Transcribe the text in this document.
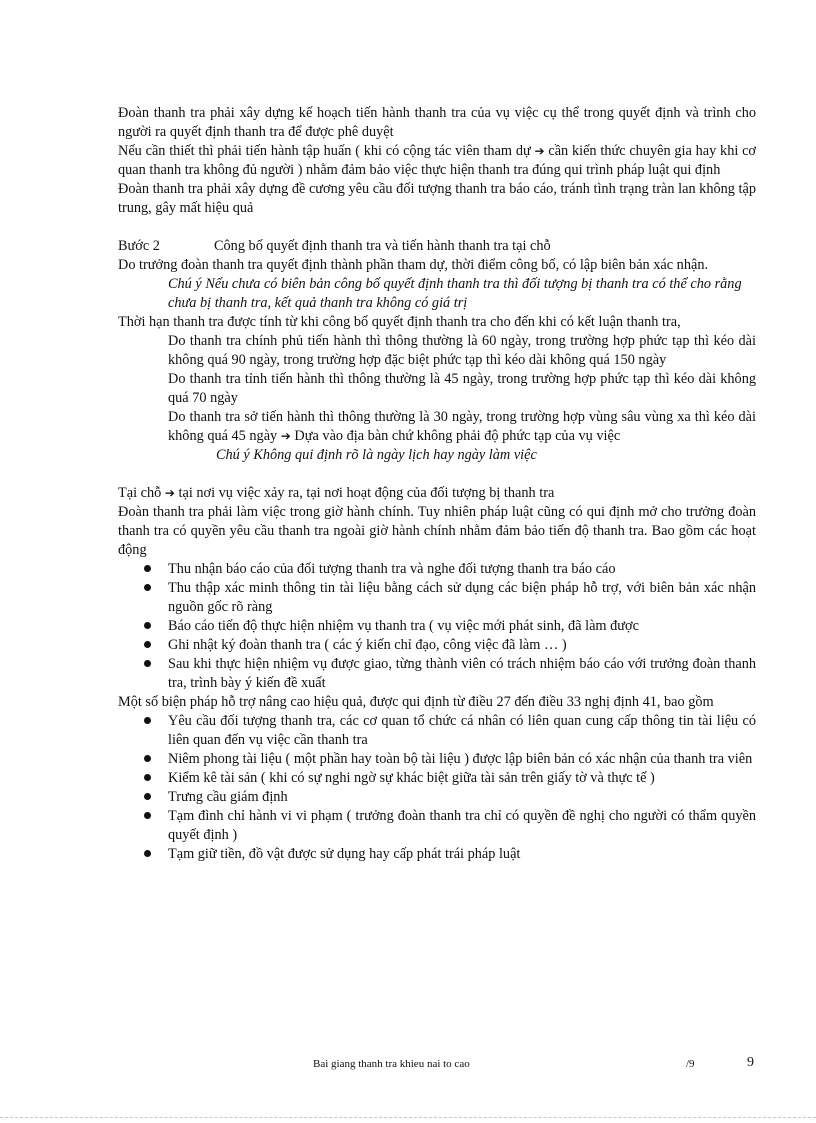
Đoàn thanh tra phải xây dựng kế hoạch tiến hành thanh tra của vụ việc cụ thể trong quyết định và trình cho người ra quyết định thanh tra để được phê duyệt
Nếu cần thiết thì phải tiến hành tập huấn ( khi có cộng tác viên tham dự ➔ cần kiến thức chuyên gia hay khi cơ quan thanh tra không đủ người ) nhằm đảm bảo việc thực hiện thanh tra đúng qui trình pháp luật qui định
Đoàn thanh tra phải xây dựng đề cương yêu cầu đối tượng thanh tra báo cáo, tránh tình trạng tràn lan không tập trung, gây mất hiệu quả
Bước 2	Công bố quyết định thanh tra và tiến hành thanh tra tại chỗ
Do trưởng đoàn thanh tra quyết định thành phần tham dự, thời điểm công bố, có lập biên bản xác nhận.
Chú ý Nếu chưa có biên bản công bố quyết định thanh tra thì đối tượng bị thanh tra có thể cho rằng chưa bị thanh tra, kết quả thanh tra không có giá trị
Thời hạn thanh tra được tính từ khi công bố quyết định thanh tra cho đến khi có kết luận thanh tra,
Do thanh tra chính phủ tiến hành thì thông thường là 60 ngày, trong trường hợp phức tạp thì kéo dài không quá 90 ngày, trong trường hợp đặc biệt phức tạp thì kéo dài không quá 150 ngày
Do thanh tra tỉnh tiến hành thì thông thường là 45 ngày, trong trường hợp phức tạp thì kéo dài không quá 70 ngày
Do thanh tra sở tiến hành thì thông thường là 30 ngày, trong trường hợp vùng sâu vùng xa thì kéo dài không quá 45 ngày ➔ Dựa vào địa bàn chứ không phải độ phức tạp của vụ việc
Chú ý Không qui định rõ là ngày lịch hay ngày làm việc
Tại chỗ ➔ tại nơi vụ việc xảy ra, tại nơi hoạt động của đối tượng bị thanh tra
Đoàn thanh tra phải làm việc trong giờ hành chính. Tuy nhiên pháp luật cũng có qui định mở cho trưởng đoàn thanh tra có quyền yêu cầu thanh tra ngoài giờ hành chính nhằm đảm bảo tiến độ thanh tra. Bao gồm các hoạt động
Thu nhận báo cáo của đối tượng thanh tra và nghe đối tượng thanh tra báo cáo
Thu thập xác minh thông tin tài liệu bằng cách sử dụng các biện pháp hỗ trợ, với biên bản xác nhận nguồn gốc rõ ràng
Báo cáo tiến độ thực hiện nhiệm vụ thanh tra ( vụ việc mới phát sinh, đã làm được
Ghi nhật ký đoàn thanh tra ( các ý kiến chỉ đạo, công việc đã làm … )
Sau khi thực hiện nhiệm vụ được giao, từng thành viên có trách nhiệm báo cáo với trưởng đoàn thanh tra, trình bày ý kiến đề xuất
Một số biện pháp hỗ trợ nâng cao hiệu quả, được qui định từ điều 27 đến điều 33 nghị định 41, bao gồm
Yêu cầu đối tượng thanh tra, các cơ quan tổ chức cá nhân có liên quan cung cấp thông tin tài liệu có liên quan đến vụ việc cần thanh tra
Niêm phong tài liệu ( một phần hay toàn bộ tài liệu ) được lập biên bản có xác nhận của thanh tra viên
Kiểm kê tài sản ( khi có sự nghi ngờ sự khác biệt giữa tài sản trên giấy tờ và thực tế )
Trưng cầu giám định
Tạm đình chỉ hành vi vi phạm ( trưởng đoàn thanh tra chỉ có quyền đề nghị cho người có thẩm quyền quyết định )
Tạm giữ tiền, đồ vật được sử dụng hay cấp phát trái pháp luật
Bai giang thanh tra khieu nai to cao	/9	9
